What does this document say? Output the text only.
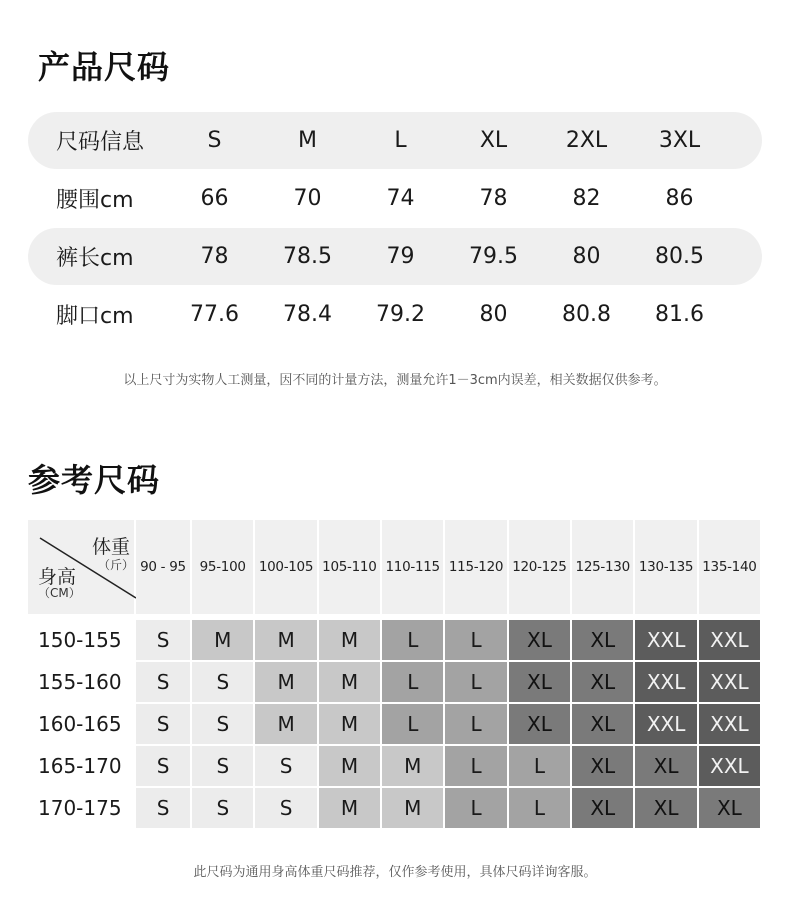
产品尺码
尺码信息	S	M	L	XL	2XL	3XL
腰围cm	66	70	74	78	82	86
裤长cm	78	78.5	79	79.5	80	80.5
脚口cm	77.6	78.4	79.2	80	80.8	81.6
以上尺寸为实物人工测量，因不同的计量方法，测量允许1－3cm内误差，相关数据仅供参考。
参考尺码
体重
（斤）
身高
（CM）
90 - 95	95-100 100-105 105-110 110-115 115-120 120-125 125-130 130-135 135-140
150-155	S	M	M	M	L	L	XL	XL	XXL	XXL
155-160	S	S	M	M	L	L	XL	XL	XXL	XXL
160-165	S	S	M	M	L	L	XL	XL	XXL	XXL
165-170	S	S	S	M	M	L	L	XL	XL	XXL
170-175	S	S	S	M	M	L	L	XL	XL	XL
此尺码为通用身高体重尺码推荐，仅作参考使用，具体尺码详询客服。
